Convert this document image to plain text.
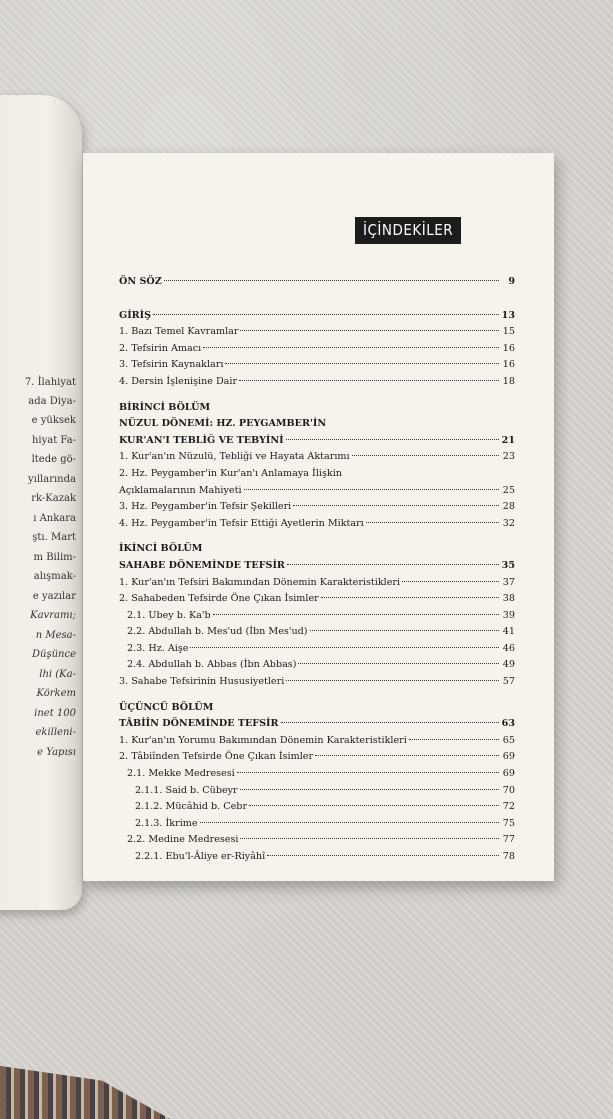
7. İlahiyat
ada Diya-
e yüksek
hiyat Fa-
ltede gö-
yıllarında
rk-Kazak
ı Ankara
ştı. Mart
m Bilim-
alışmak-
e yazılar
Kavramı;
n Mesa-
Düşünce
lhi (Ka-
Körkem
inet 100
ekilleni-
e Yapısı
İÇİNDEKİLER
ÖN SÖZ	9
GİRİŞ	13
1. Bazı Temel Kavramlar	15
2. Tefsirin Amacı	16
3. Tefsirin Kaynakları	16
4. Dersin İşlenişine Dair	18
BİRİNCİ BÖLÜM
NÜZUL DÖNEMİ: HZ. PEYGAMBER'İN
KUR'AN'I TEBLİĞ VE TEBYİNİ	21
1. Kur'an'ın Nüzulü, Tebliği ve Hayata Aktarımı	23
2. Hz. Peygamber'in Kur'an'ı Anlamaya İlişkin
Açıklamalarının Mahiyeti	25
3. Hz. Peygamber'in Tefsir Şekilleri	28
4. Hz. Peygamber'in Tefsir Ettiği Ayetlerin Miktarı	32
İKİNCİ BÖLÜM
SAHABE DÖNEMİNDE TEFSİR	35
1. Kur'an'ın Tefsiri Bakımından Dönemin Karakteristikleri	37
2. Sahabeden Tefsirde Öne Çıkan İsimler	38
2.1. Ubey b. Ka'b	39
2.2. Abdullah b. Mes'ud (İbn Mes'ud)	41
2.3. Hz. Aişe	46
2.4. Abdullah b. Abbas (İbn Abbas)	49
3. Sahabe Tefsirinin Hususiyetleri	57
ÜÇÜNCÜ BÖLÜM
TÂBİÎN DÖNEMİNDE TEFSİR	63
1. Kur'an'ın Yorumu Bakımından Dönemin Karakteristikleri	65
2. Tâbiînden Tefsirde Öne Çıkan İsimler	69
2.1. Mekke Medresesi	69
2.1.1. Said b. Cübeyr	70
2.1.2. Mücâhid b. Cebr	72
2.1.3. İkrime	75
2.2. Medine Medresesi	77
2.2.1. Ebu'l-Âliye er-Riyâhî	78
